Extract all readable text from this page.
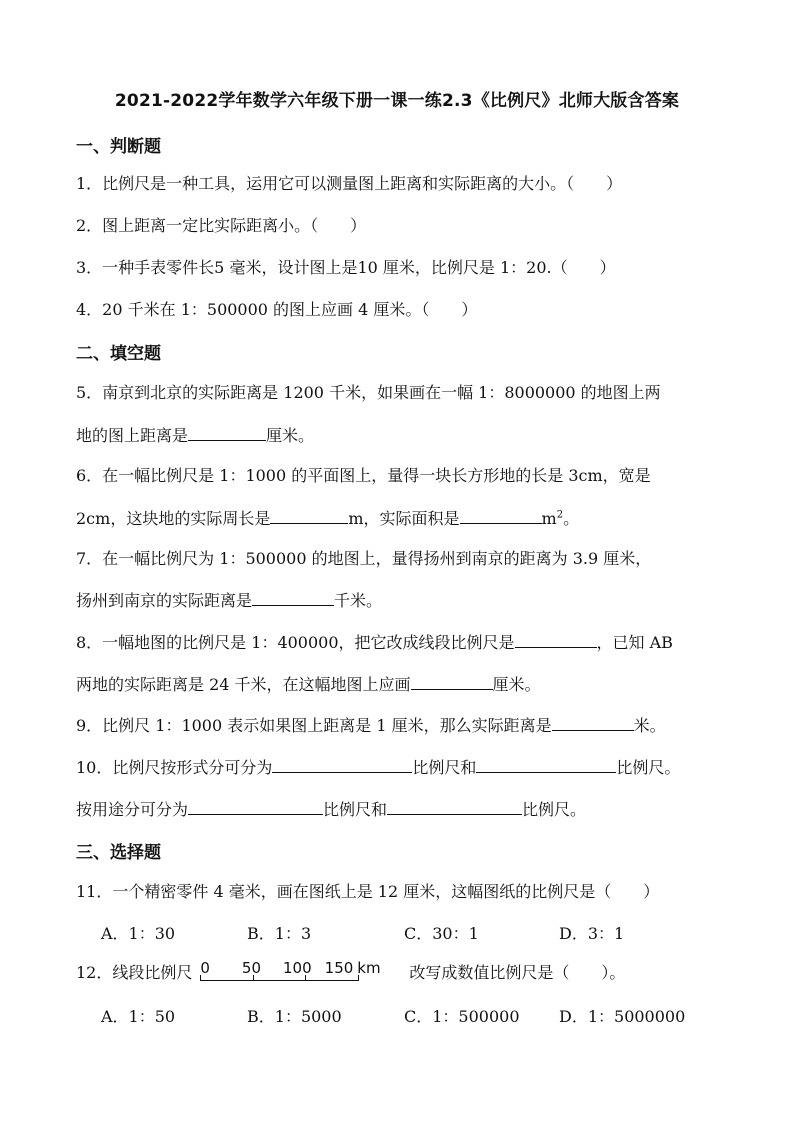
2021-2022学年数学六年级下册一课一练2.3《比例尺》北师大版含答案
一、判断题
1．比例尺是一种工具，运用它可以测量图上距离和实际距离的大小。（　　）
2．图上距离一定比实际距离小。（　　）
3．一种手表零件长5 毫米，设计图上是10 厘米，比例尺是 1：20.（　　）
4．20 千米在 1：500000 的图上应画 4 厘米。（　　）
二、填空题
5．南京到北京的实际距离是 1200 千米，如果画在一幅 1：8000000 的地图上两
地的图上距离是	厘米。
6．在一幅比例尺是 1：1000 的平面图上，量得一块长方形地的长是 3cm，宽是
2cm，这块地的实际周长是	m，实际面积是	$m^2$。
7．在一幅比例尺为 1：500000 的地图上，量得扬州到南京的距离为 3.9 厘米，
扬州到南京的实际距离是	千米。
8．一幅地图的比例尺是 1：400000，把它改成线段比例尺是	，已知 AB
两地的实际距离是 24 千米，在这幅地图上应画	厘米。
9．比例尺 1：1000 表示如果图上距离是 1 厘米，那么实际距离是	米。
10．比例尺按形式分可分为	比例尺和	比例尺。
按用途分可分为	比例尺和	比例尺。
三、选择题
11．一个精密零件 4 毫米，画在图纸上是 12 厘米，这幅图纸的比例尺是（　　）
A．1：30	B．1：3	C．30：1	D．3：1
12．线段比例尺 0 50 100 150 km 改写成数值比例尺是（　　）。
A．1：50	B．1：5000	C．1：500000 D．1：5000000
